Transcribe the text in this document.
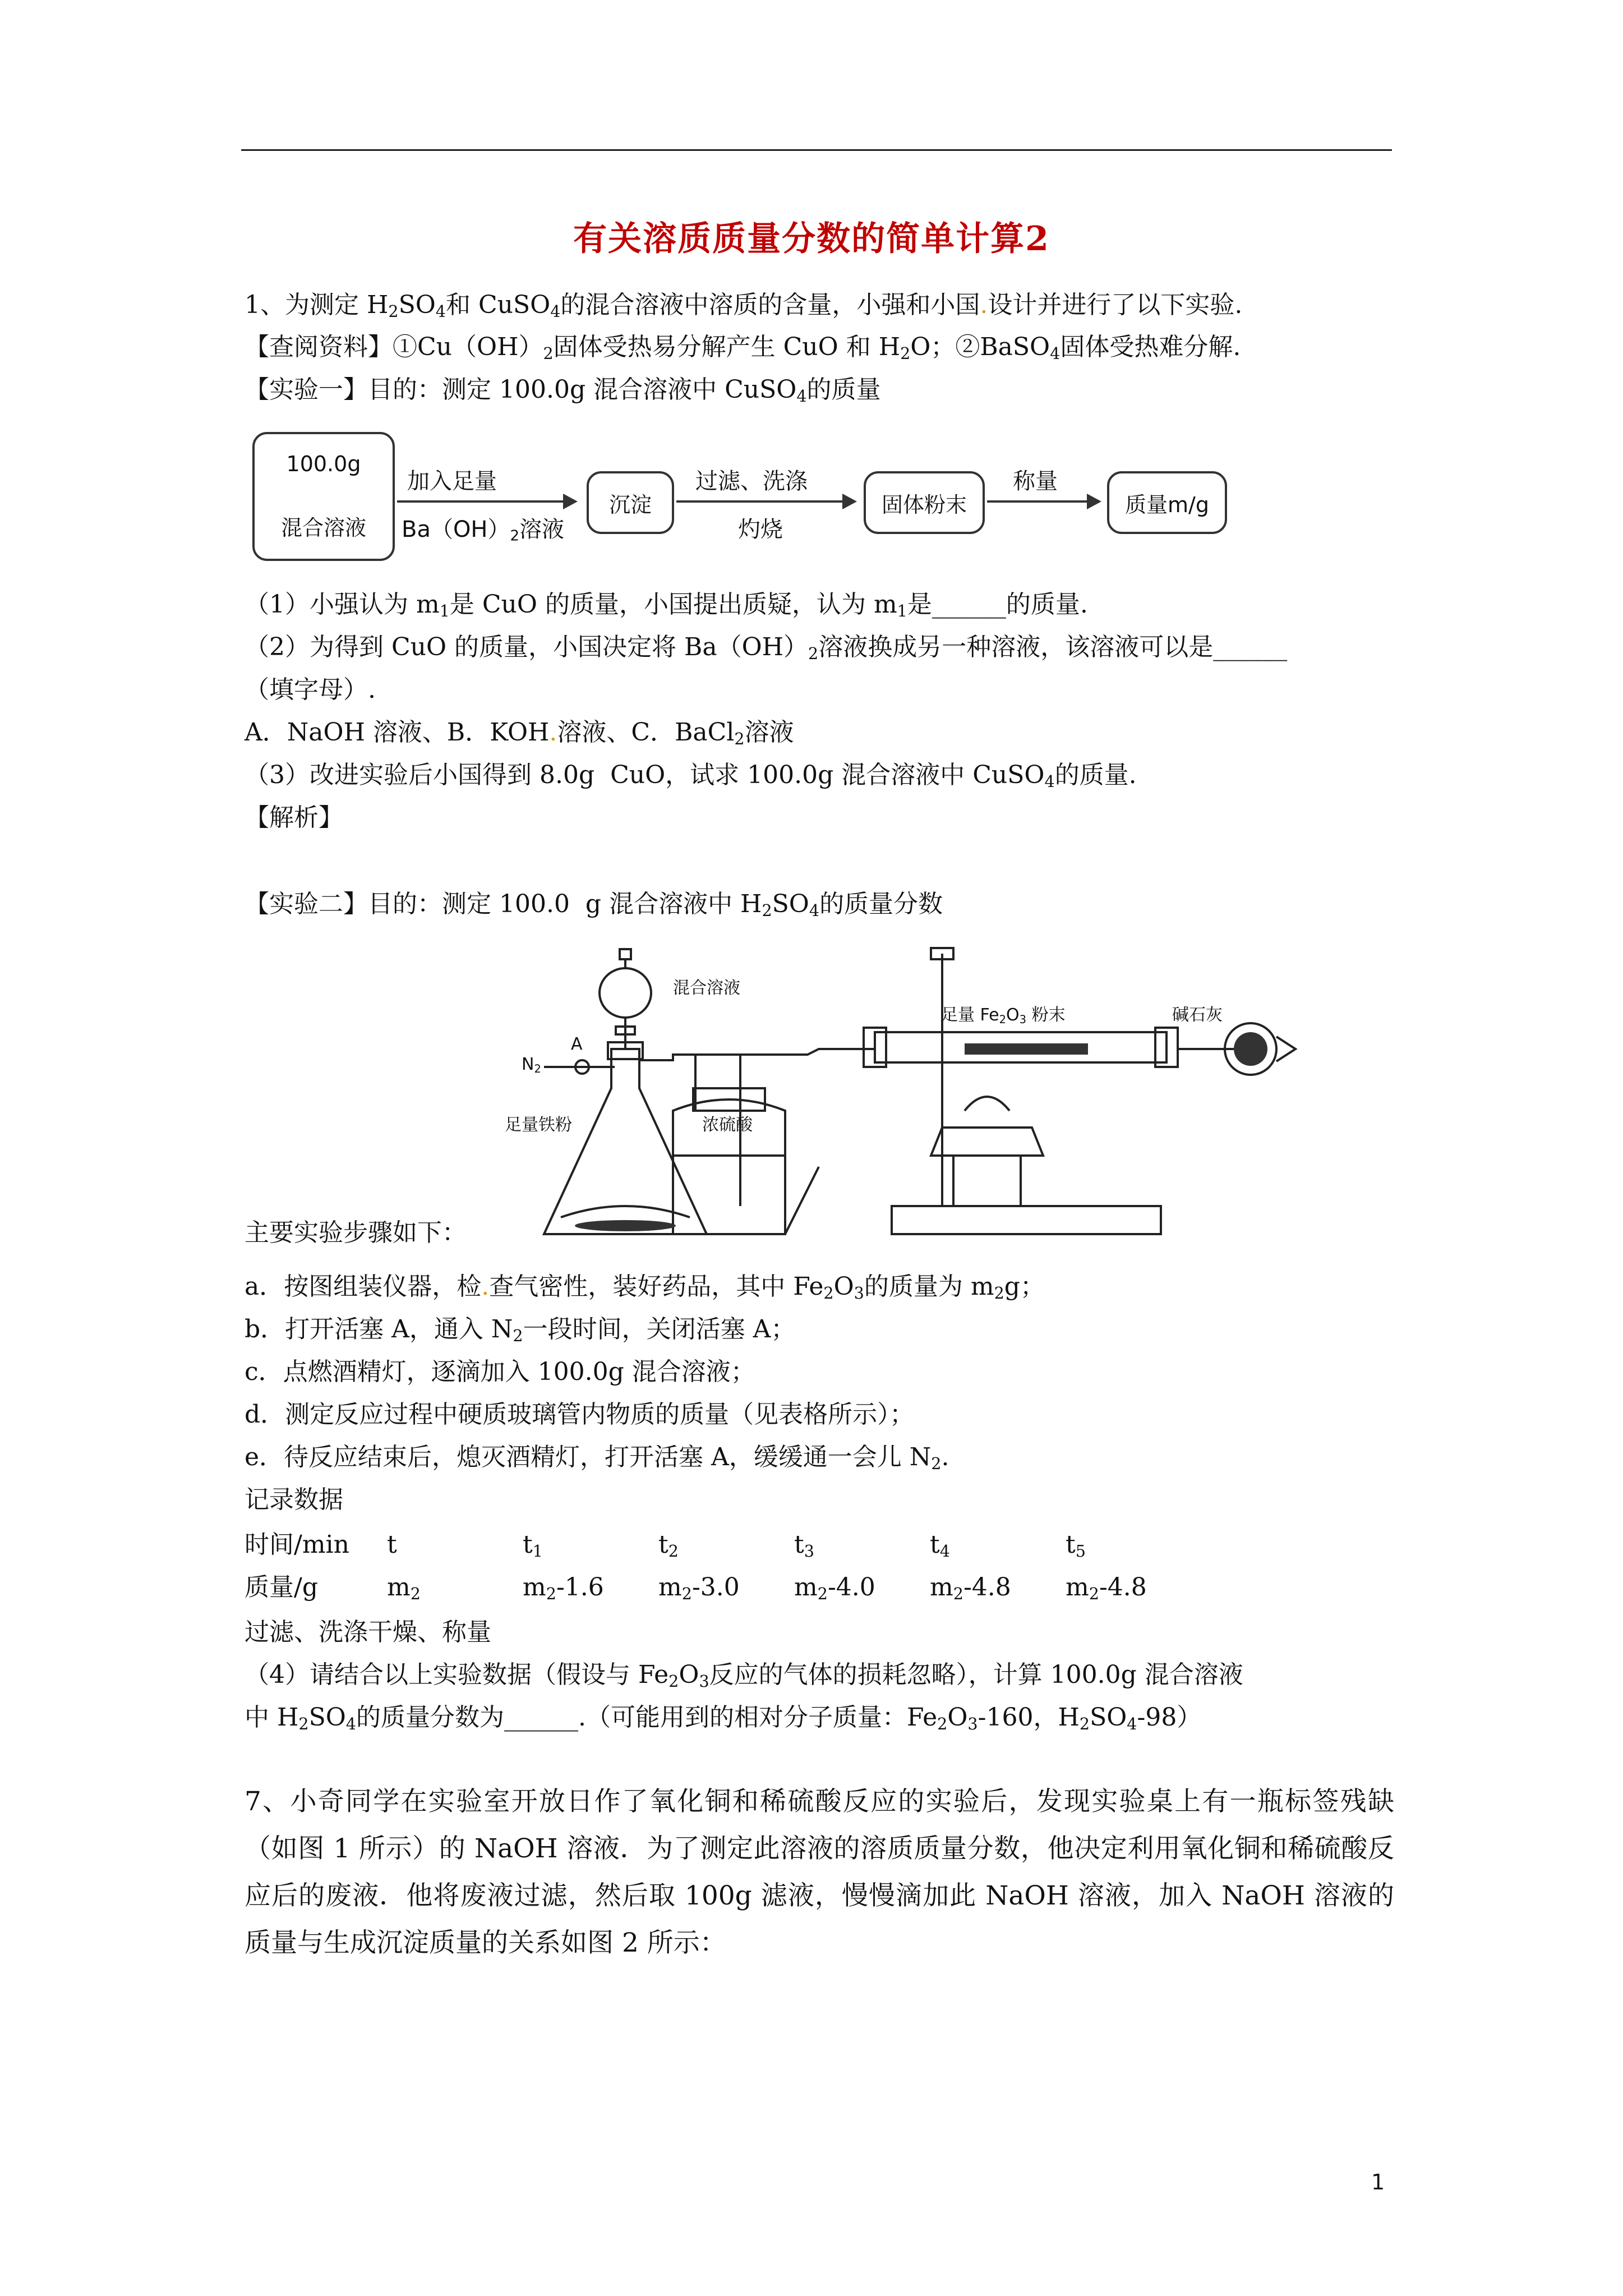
有关溶质质量分数的简单计算2
1、为测定 $H_2SO_4$和 CuSO$_4$的混合溶液中溶质的含量，小强和小国.设计并进行了以下实验.
【查阅资料】$①Cu(OH)_2$固体受热易分解产生 CuO 和 $H_2O$；②BaSO$_4$固体受热难分解.
【实验一】目的：测定 100.0g 混合溶液中 CuSO$_4$的质量
100.0g
混合溶液
加入足量
$Ba(OH)_2$溶液
沉淀
过滤、洗涤
灼烧
固体粉末
称量
质量m/g
（1）小强认为 $m_1$是 CuO 的质量，小国提出质疑，认为 $m_1$是______的质量.
（2）为得到 CuO 的质量，小国决定将 $Ba(OH)_2$溶液换成另一种溶液，该溶液可以是______
（填字母）.
A．NaOH 溶液、B．KOH.溶液、C．BaCl$_2$溶液
（3）改进实验后小国得到 8.0g  CuO，试求 100.0g 混合溶液中 CuSO$_4$的质量.
【解析】
【实验二】目的：测定 100.0  g 混合溶液中 $H_2SO_4$的质量分数
混合溶液
$N_2$
A
足量铁粉	浓硫酸
足量 $Fe_2O_3$ 粉末	碱石灰
主要实验步骤如下：
a．按图组装仪器，检.查气密性，装好药品，其中 $Fe_2O_3$的质量为 $m_2g$；
b．打开活塞 A，通入 $N_2$一段时间，关闭活塞 A；
c．点燃酒精灯，逐滴加入 100.0g 混合溶液；
d．测定反应过程中硬质玻璃管内物质的质量（见表格所示）；
e．待反应结束后，熄灭酒精灯，打开活塞 A，缓缓通一会儿 $N_2$.
记录数据
时间/min t	$t_1$	$t_2$	$t_3$	$t_4$	$t_5$
质量/g	$m_2$	$m_2-1.6$ $m_2-3.0$ $m_2-4.0$ $m_2-4.8$ $m_2-4.8$
过滤、洗涤干燥、称量
（4）请结合以上实验数据（假设与 $Fe_2O_3$反应的气体的损耗忽略），计算 100.0g 混合溶液
中 $H_2SO_4$的质量分数为______.（可能用到的相对分子质量：$Fe_2O_3-160$，$H_2SO_4-98$）
7、小奇同学在实验室开放日作了氧化铜和稀硫酸反应的实验后，发现实验桌上有一瓶标签残缺（如图 1 所示）的 NaOH 溶液．为了测定此溶液的溶质质量分数，他决定利用氧化铜和稀硫酸反应后的废液．他将废液过滤，然后取 100g 滤液，慢慢滴加此 NaOH 溶液，加入 NaOH 溶液的质量与生成沉淀质量的关系如图 2 所示：
1
